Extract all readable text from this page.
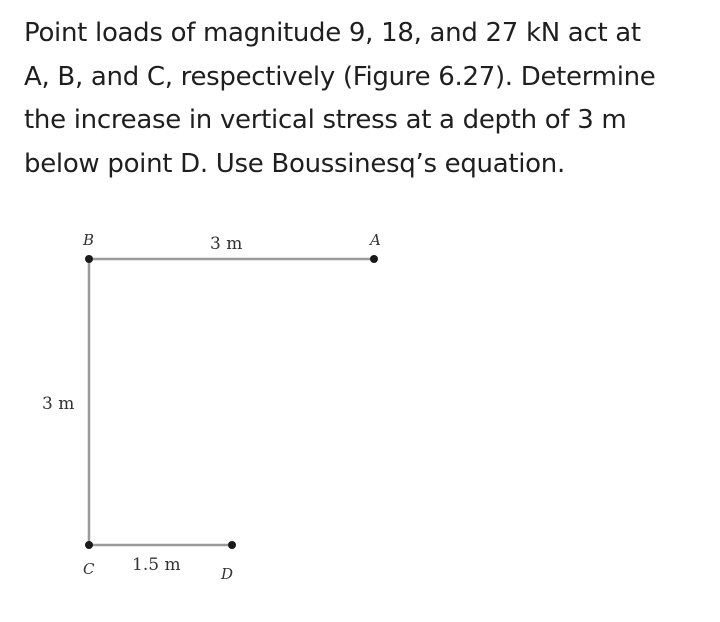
Point loads of magnitude 9, 18, and 27 kN act at
A, B, and C, respectively (Figure 6.27). Determine
the increase in vertical stress at a depth of 3 m
below point D. Use Boussinesq’s equation.
B	A
C	D
3 m
3 m
1.5 m
